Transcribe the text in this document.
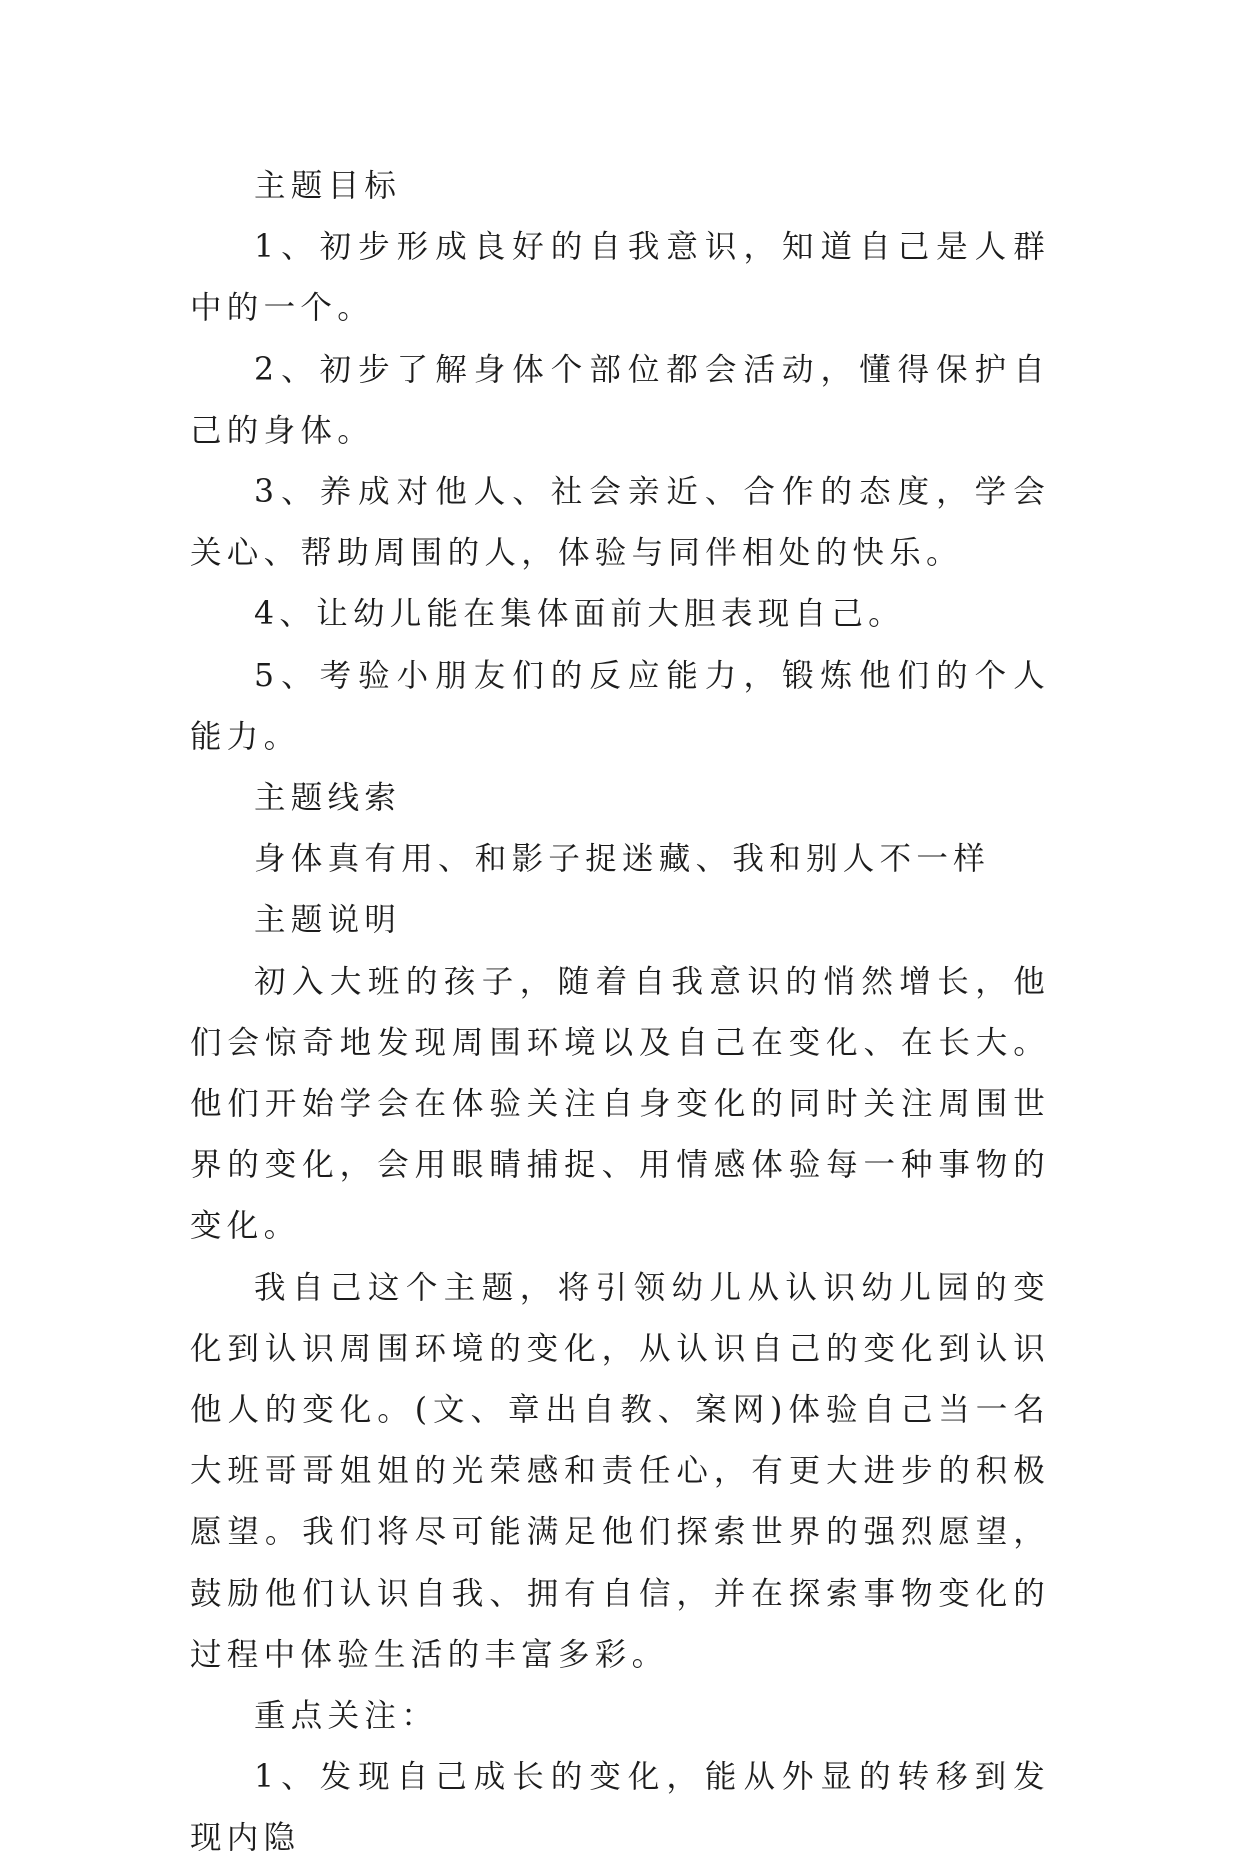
主题目标

1、初步形成良好的自我意识，知道自己是人群中的一个。

2、初步了解身体个部位都会活动，懂得保护自己的身体。

3、养成对他人、社会亲近、合作的态度，学会关心、帮助周围的人，体验与同伴相处的快乐。

4、让幼儿能在集体面前大胆表现自己。

5、考验小朋友们的反应能力，锻炼他们的个人能力。

主题线索

身体真有用、和影子捉迷藏、我和别人不一样

主题说明

初入大班的孩子，随着自我意识的悄然增长，他们会惊奇地发现周围环境以及自己在变化、在长大。他们开始学会在体验关注自身变化的同时关注周围世界的变化，会用眼睛捕捉、用情感体验每一种事物的变化。

我自己这个主题，将引领幼儿从认识幼儿园的变化到认识周围环境的变化，从认识自己的变化到认识他人的变化。(文、章出自教、案网)体验自己当一名大班哥哥姐姐的光荣感和责任心，有更大进步的积极愿望。我们将尽可能满足他们探索世界的强烈愿望，鼓励他们认识自我、拥有自信，并在探索事物变化的过程中体验生活的丰富多彩。

重点关注：

1、发现自己成长的变化，能从外显的转移到发现内隐
